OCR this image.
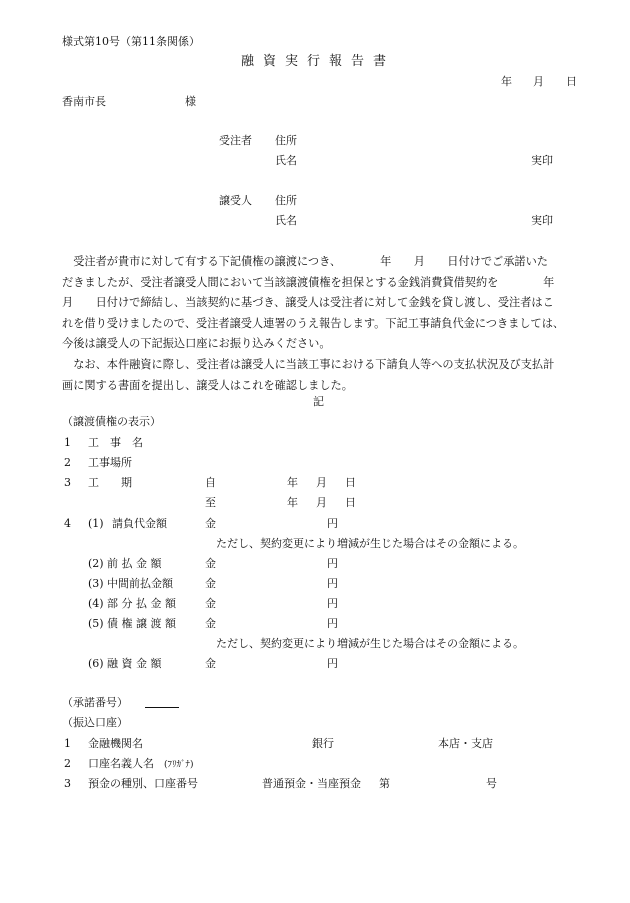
様式第10号（第11条関係）
融資実行報告書
年 月 日
香南市長	様
受注者 住所
氏名	実印
譲受人 住所
氏名	実印
　受注者が貴市に対して有する下記債権の譲渡につき、　　　　年　　月　　日付けでご承諾いた
だきましたが、受注者譲受人間において当該譲渡債権を担保とする金銭消費貸借契約を　　　　年
月　　日付けで締結し、当該契約に基づき、譲受人は受注者に対して金銭を貸し渡し、受注者はこ
れを借り受けましたので、受注者譲受人連署のうえ報告します。下記工事請負代金につきましては、
今後は譲受人の下記振込口座にお振り込みください。
　なお、本件融資に際し、受注者は譲受人に当該工事における下請負人等への支払状況及び支払計
画に関する書面を提出し、譲受人はこれを確認しました。
記
（譲渡債権の表示）
1 工　事　名
2 工事場所
3 工　　期	自	年 月 日
至	年 月 日
4 (1) 請負代金額	金	円
ただし、契約変更により増減が生じた場合はその金額による。
(2) 前 払 金 額	金	円
(3) 中間前払金額	金	円
(4) 部 分 払 金 額	金	円
(5) 債 権 譲 渡 額	金	円
ただし、契約変更により増減が生じた場合はその金額による。
(6) 融 資 金 額	金	円
（承諾番号）
（振込口座）
1 金融機関名	銀行	本店・支店
2 口座名義人名 (ﾌﾘｶﾞﾅ)
3 預金の種別、口座番号	普通預金・当座預金 第	号
